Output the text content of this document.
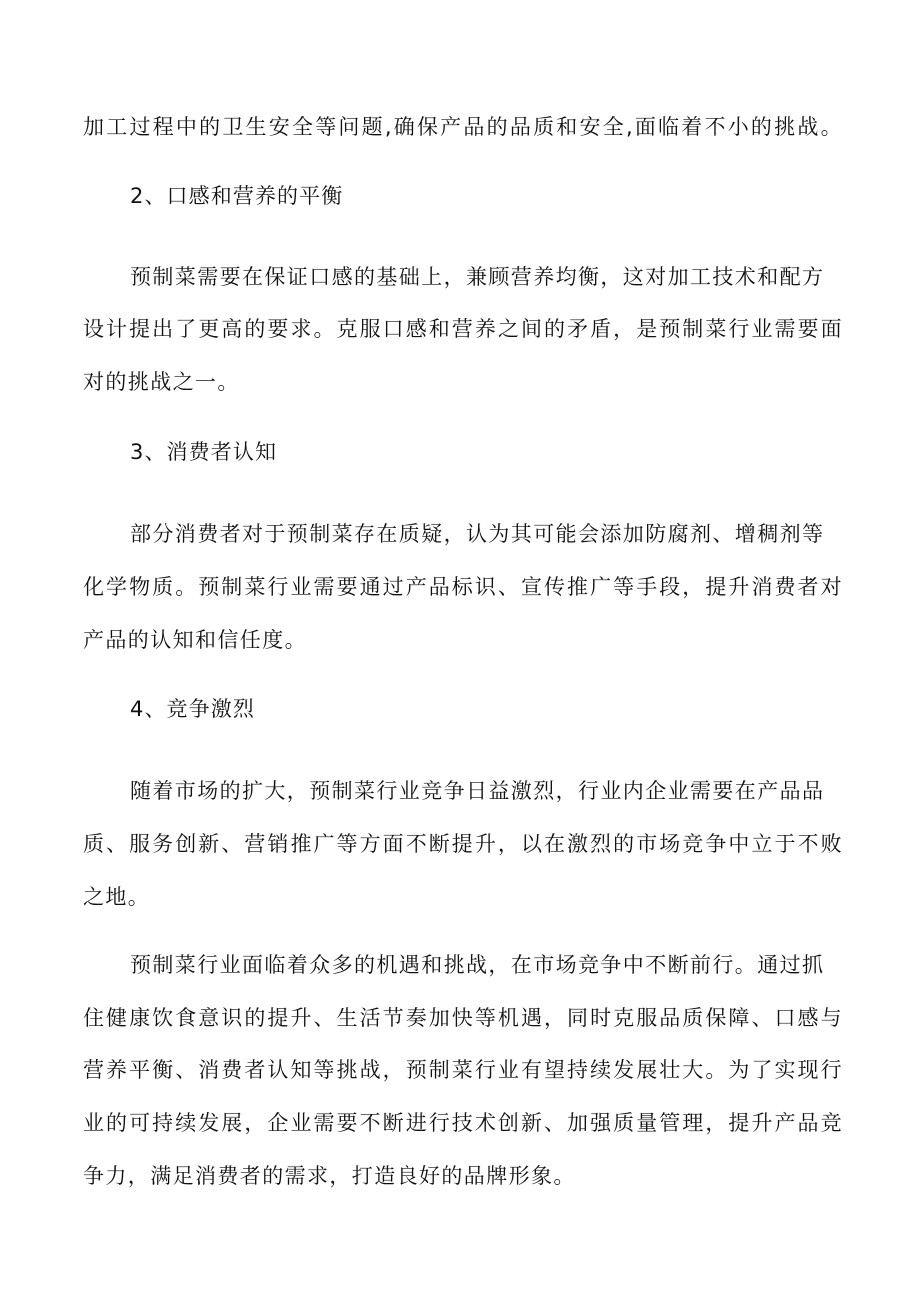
加工过程中的卫生安全等问题,确保产品的品质和安全,面临着不小的挑战。
2、口感和营养的平衡
预制菜需要在保证口感的基础上，兼顾营养均衡，这对加工技术和配方
设计提出了更高的要求。克服口感和营养之间的矛盾，是预制菜行业需要面
对的挑战之一。
3、消费者认知
部分消费者对于预制菜存在质疑，认为其可能会添加防腐剂、增稠剂等
化学物质。预制菜行业需要通过产品标识、宣传推广等手段，提升消费者对
产品的认知和信任度。
4、竞争激烈
随着市场的扩大，预制菜行业竞争日益激烈，行业内企业需要在产品品
质、服务创新、营销推广等方面不断提升，以在激烈的市场竞争中立于不败
之地。
预制菜行业面临着众多的机遇和挑战，在市场竞争中不断前行。通过抓
住健康饮食意识的提升、生活节奏加快等机遇，同时克服品质保障、口感与
营养平衡、消费者认知等挑战，预制菜行业有望持续发展壮大。为了实现行
业的可持续发展，企业需要不断进行技术创新、加强质量管理，提升产品竞
争力，满足消费者的需求，打造良好的品牌形象。
